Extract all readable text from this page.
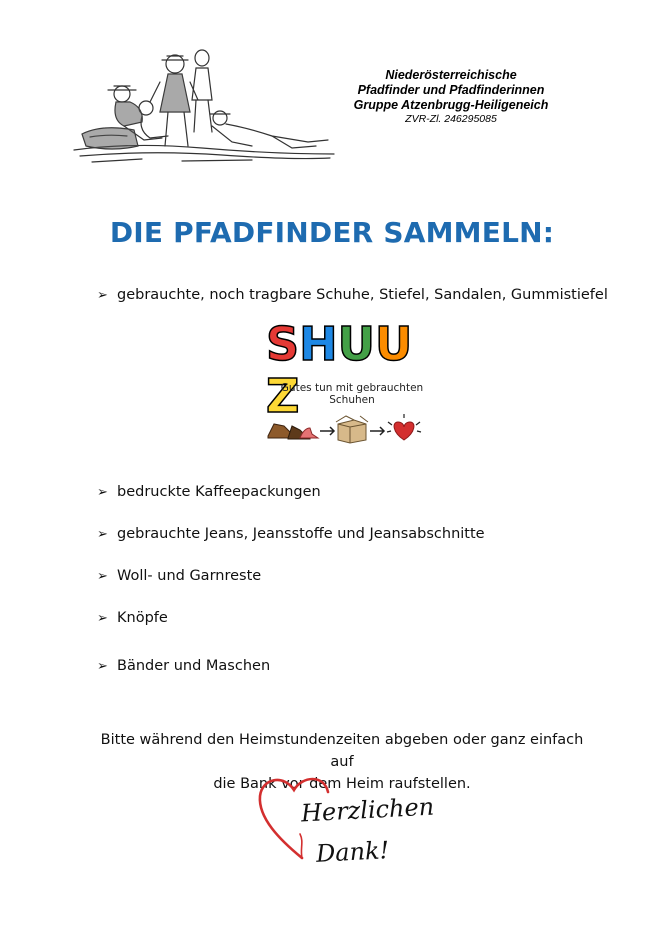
Niederösterreichische
Pfadfinder und Pfadfinderinnen
Gruppe Atzenbrugg-Heiligeneich
ZVR-Zl. 246295085
DIE PFADFINDER SAMMELN:
➢ gebrauchte, noch tragbare Schuhe, Stiefel, Sandalen, Gummistiefel
SHUUZ
Gutes tun mit gebrauchten Schuhen
➢ bedruckte Kaffeepackungen
➢ gebrauchte Jeans, Jeansstoffe und Jeansabschnitte
➢ Woll- und Garnreste
➢ Knöpfe
➢ Bänder und Maschen
Bitte während den Heimstundenzeiten abgeben oder ganz einfach auf
die Bank vor dem Heim raufstellen.
Herzlichen
Dank!
